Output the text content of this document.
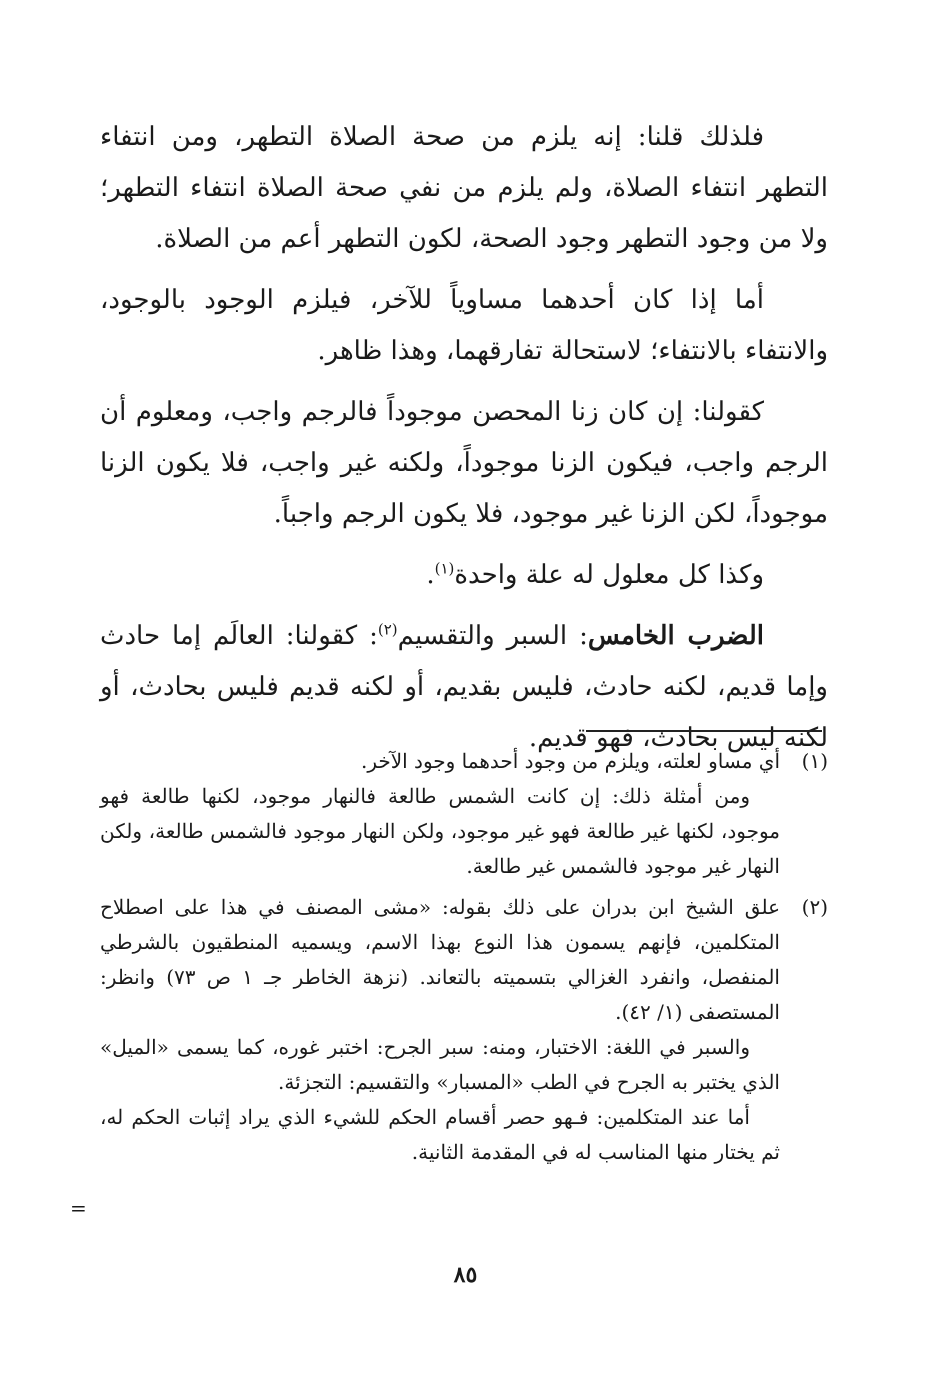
فلذلك قلنا: إنه يلزم من صحة الصلاة التطهر، ومن انتفاء التطهر انتفاء الصلاة، ولم يلزم من نفي صحة الصلاة انتفاء التطهر؛ ولا من وجود التطهر وجود الصحة، لكون التطهر أعم من الصلاة.

أما إذا كان أحدهما مساوياً للآخر، فيلزم الوجود بالوجود، والانتفاء بالانتفاء؛ لاستحالة تفارقهما، وهذا ظاهر.

كقولنا: إن كان زنا المحصن موجوداً فالرجم واجب، ومعلوم أن الرجم واجب، فيكون الزنا موجوداً، ولكنه غير واجب، فلا يكون الزنا موجوداً، لكن الزنا غير موجود، فلا يكون الرجم واجباً.

وكذا كل معلول له علة واحدة$^{(١)}$.

الضرب الخامس: السبر والتقسيم$^{(٢)}$: كقولنا: العالَم إما حادث وإما قديم، لكنه حادث، فليس بقديم، أو لكنه قديم فليس بحادث، أو لكنه ليس بحادث، فهو قديم.

(١)

أي مساو لعلته، ويلزم من وجود أحدهما وجود الآخر.

ومن أمثلة ذلك: إن كانت الشمس طالعة فالنهار موجود، لكنها طالعة فهو موجود، لكنها غير طالعة فهو غير موجود، ولكن النهار موجود فالشمس طالعة، ولكن النهار غير موجود فالشمس غير طالعة.

(٢)

علق الشيخ ابن بدران على ذلك بقوله: «مشى المصنف في هذا على اصطلاح المتكلمين، فإنهم يسمون هذا النوع بهذا الاسم، ويسميه المنطقيون بالشرطي المنفصل، وانفرد الغزالي بتسميته بالتعاند. (نزهة الخاطر جـ ١ ص ٧٣) وانظر: المستصفى (١/ ٤٢).

والسبر في اللغة: الاختبار، ومنه: سبر الجرح: اختبر غوره، كما يسمى «الميل» الذي يختبر به الجرح في الطب «المسبار» والتقسيم: التجزئة.

أما عند المتكلمين: فـهو حصر أقسام الحكم للشيء الذي يراد إثبات الحكم له، ثم يختار منها المناسب له في المقدمة الثانية.

=
٨٥
